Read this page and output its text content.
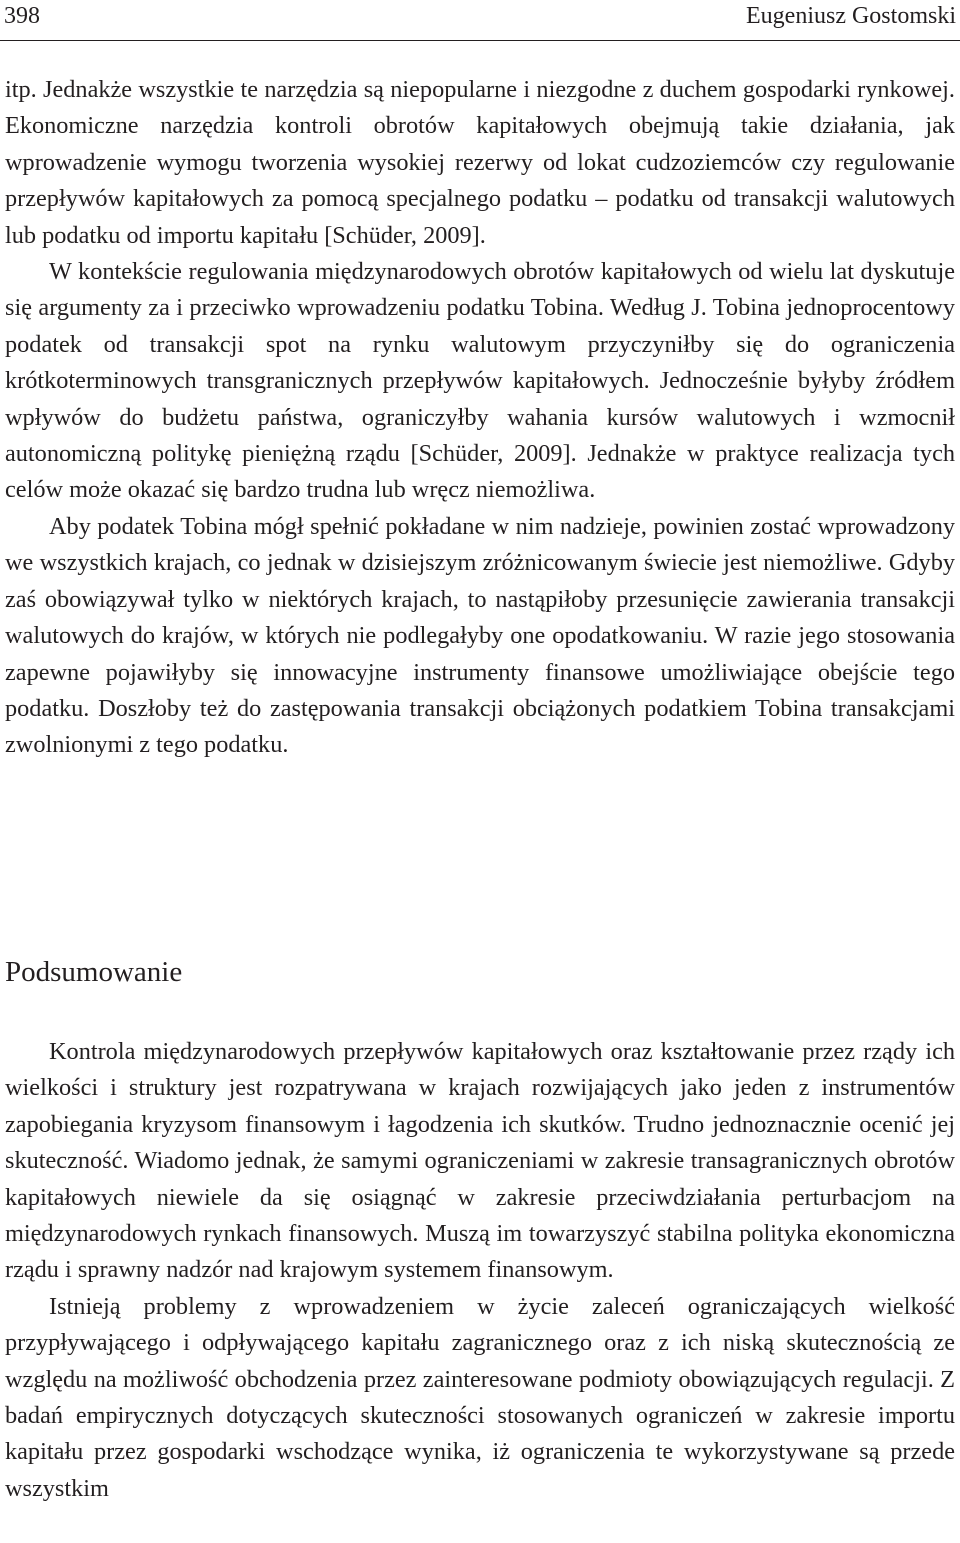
398	Eugeniusz Gostomski

itp. Jednakże wszystkie te narzędzia są niepopularne i niezgodne z duchem gospodarki rynkowej. Ekonomiczne narzędzia kontroli obrotów kapitałowych obejmują takie działania, jak wprowadzenie wymogu tworzenia wysokiej rezerwy od lokat cudzoziemców czy regulowanie przepływów kapitałowych za pomocą specjalnego podatku – podatku od transakcji walutowych lub podatku od importu kapitału [Schüder, 2009].

W kontekście regulowania międzynarodowych obrotów kapitałowych od wielu lat dyskutuje się argumenty za i przeciwko wprowadzeniu podatku Tobina. Według J. Tobina jednoprocentowy podatek od transakcji spot na rynku walutowym przyczyniłby się do ograniczenia krótkoterminowych transgranicznych przepływów kapitałowych. Jednocześnie byłyby źródłem wpływów do budżetu państwa, ograniczyłby wahania kursów walutowych i wzmocnił autonomiczną politykę pieniężną rządu [Schüder, 2009]. Jednakże w praktyce realizacja tych celów może okazać się bardzo trudna lub wręcz niemożliwa.

Aby podatek Tobina mógł spełnić pokładane w nim nadzieje, powinien zostać wprowadzony we wszystkich krajach, co jednak w dzisiejszym zróżnicowanym świecie jest niemożliwe. Gdyby zaś obowiązywał tylko w niektórych krajach, to nastąpiłoby przesunięcie zawierania transakcji walutowych do krajów, w których nie podlegałyby one opodatkowaniu. W razie jego stosowania zapewne pojawiłyby się innowacyjne instrumenty finansowe umożliwiające obejście tego podatku. Doszłoby też do zastępowania transakcji obciążonych podatkiem Tobina transakcjami zwolnionymi z tego podatku.

Podsumowanie

Kontrola międzynarodowych przepływów kapitałowych oraz kształtowanie przez rządy ich wielkości i struktury jest rozpatrywana w krajach rozwijających jako jeden z instrumentów zapobiegania kryzysom finansowym i łagodzenia ich skutków. Trudno jednoznacznie ocenić jej skuteczność. Wiadomo jednak, że samymi ograniczeniami w zakresie transagranicznych obrotów kapitałowych niewiele da się osiągnąć w zakresie przeciwdziałania perturbacjom na międzynarodowych rynkach finansowych. Muszą im towarzyszyć stabilna polityka ekonomiczna rządu i sprawny nadzór nad krajowym systemem finansowym.

Istnieją problemy z wprowadzeniem w życie zaleceń ograniczających wielkość przypływającego i odpływającego kapitału zagranicznego oraz z ich niską skutecznością ze względu na możliwość obchodzenia przez zainteresowane podmioty obowiązujących regulacji. Z badań empirycznych dotyczących skuteczności stosowanych ograniczeń w zakresie importu kapitału przez gospodarki wschodzące wynika, iż ograniczenia te wykorzystywane są przede wszystkim
